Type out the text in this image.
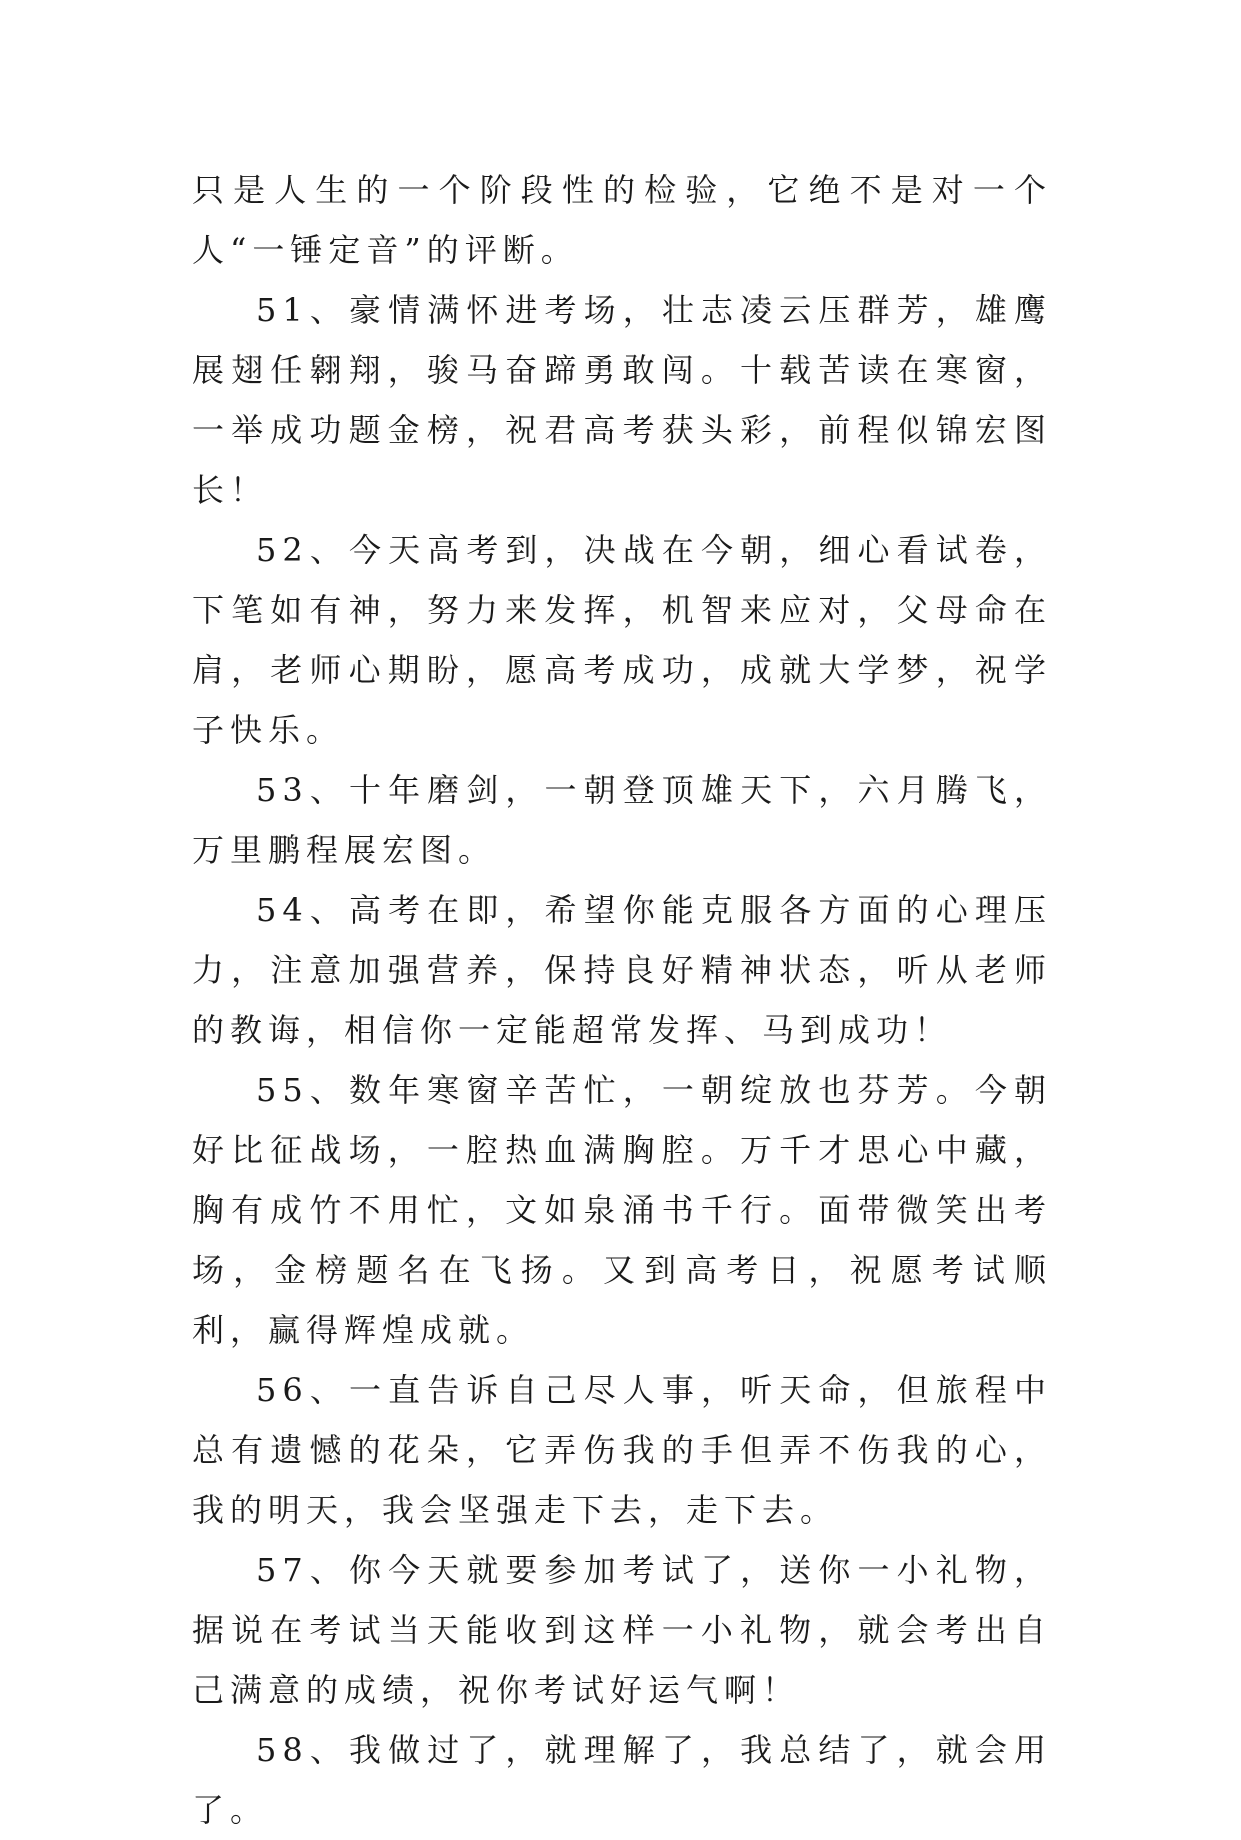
只是人生的一个阶段性的检验，它绝不是对一个人“一锤定音”的评断。

51、豪情满怀进考场，壮志凌云压群芳，雄鹰展翅任翱翔，骏马奋蹄勇敢闯。十载苦读在寒窗，一举成功题金榜，祝君高考获头彩，前程似锦宏图长！

52、今天高考到，决战在今朝，细心看试卷，下笔如有神，努力来发挥，机智来应对，父母命在肩，老师心期盼，愿高考成功，成就大学梦，祝学子快乐。

53、十年磨剑，一朝登顶雄天下，六月腾飞，万里鹏程展宏图。

54、高考在即，希望你能克服各方面的心理压力，注意加强营养，保持良好精神状态，听从老师的教诲，相信你一定能超常发挥、马到成功！

55、数年寒窗辛苦忙，一朝绽放也芬芳。今朝好比征战场，一腔热血满胸腔。万千才思心中藏，胸有成竹不用忙，文如泉涌书千行。面带微笑出考场，金榜题名在飞扬。又到高考日，祝愿考试顺利，赢得辉煌成就。

56、一直告诉自己尽人事，听天命，但旅程中总有遗憾的花朵，它弄伤我的手但弄不伤我的心，我的明天，我会坚强走下去，走下去。

57、你今天就要参加考试了，送你一小礼物，据说在考试当天能收到这样一小礼物，就会考出自己满意的成绩，祝你考试好运气啊！

58、我做过了，就理解了，我总结了，就会用了。
